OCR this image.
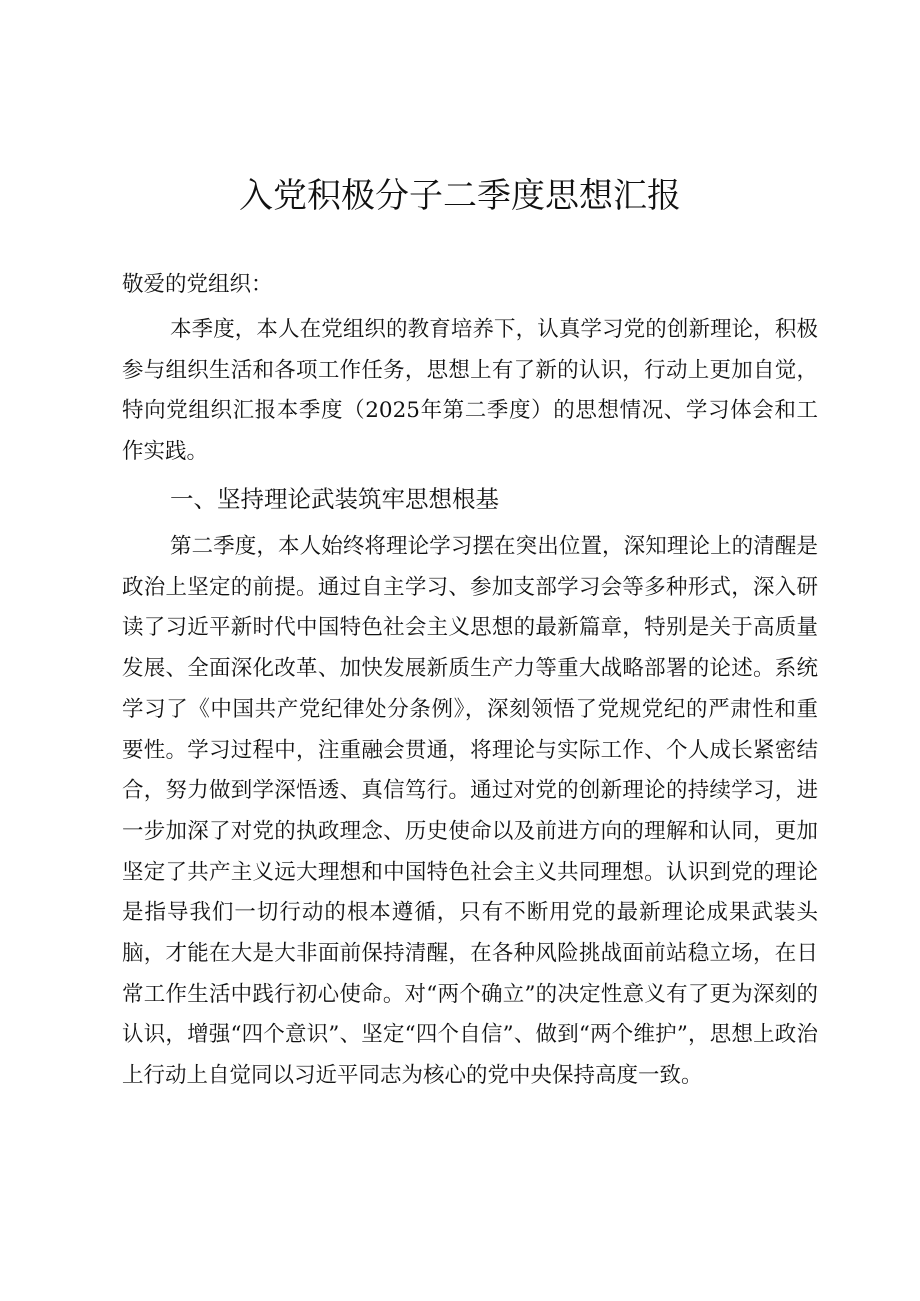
入党积极分子二季度思想汇报
敬爱的党组织：
本季度，本人在党组织的教育培养下，认真学习党的创新理论，积极参与组织生活和各项工作任务，思想上有了新的认识，行动上更加自觉，特向党组织汇报本季度（2025年第二季度）的思想情况、学习体会和工作实践。
一、坚持理论武装筑牢思想根基
第二季度，本人始终将理论学习摆在突出位置，深知理论上的清醒是政治上坚定的前提。通过自主学习、参加支部学习会等多种形式，深入研读了习近平新时代中国特色社会主义思想的最新篇章，特别是关于高质量发展、全面深化改革、加快发展新质生产力等重大战略部署的论述。系统学习了《中国共产党纪律处分条例》，深刻领悟了党规党纪的严肃性和重要性。学习过程中，注重融会贯通，将理论与实际工作、个人成长紧密结合，努力做到学深悟透、真信笃行。通过对党的创新理论的持续学习，进一步加深了对党的执政理念、历史使命以及前进方向的理解和认同，更加坚定了共产主义远大理想和中国特色社会主义共同理想。认识到党的理论是指导我们一切行动的根本遵循，只有不断用党的最新理论成果武装头脑，才能在大是大非面前保持清醒，在各种风险挑战面前站稳立场，在日常工作生活中践行初心使命。对“两个确立”的决定性意义有了更为深刻的认识，增强“四个意识”、坚定“四个自信”、做到“两个维护”，思想上政治上行动上自觉同以习近平同志为核心的党中央保持高度一致。
